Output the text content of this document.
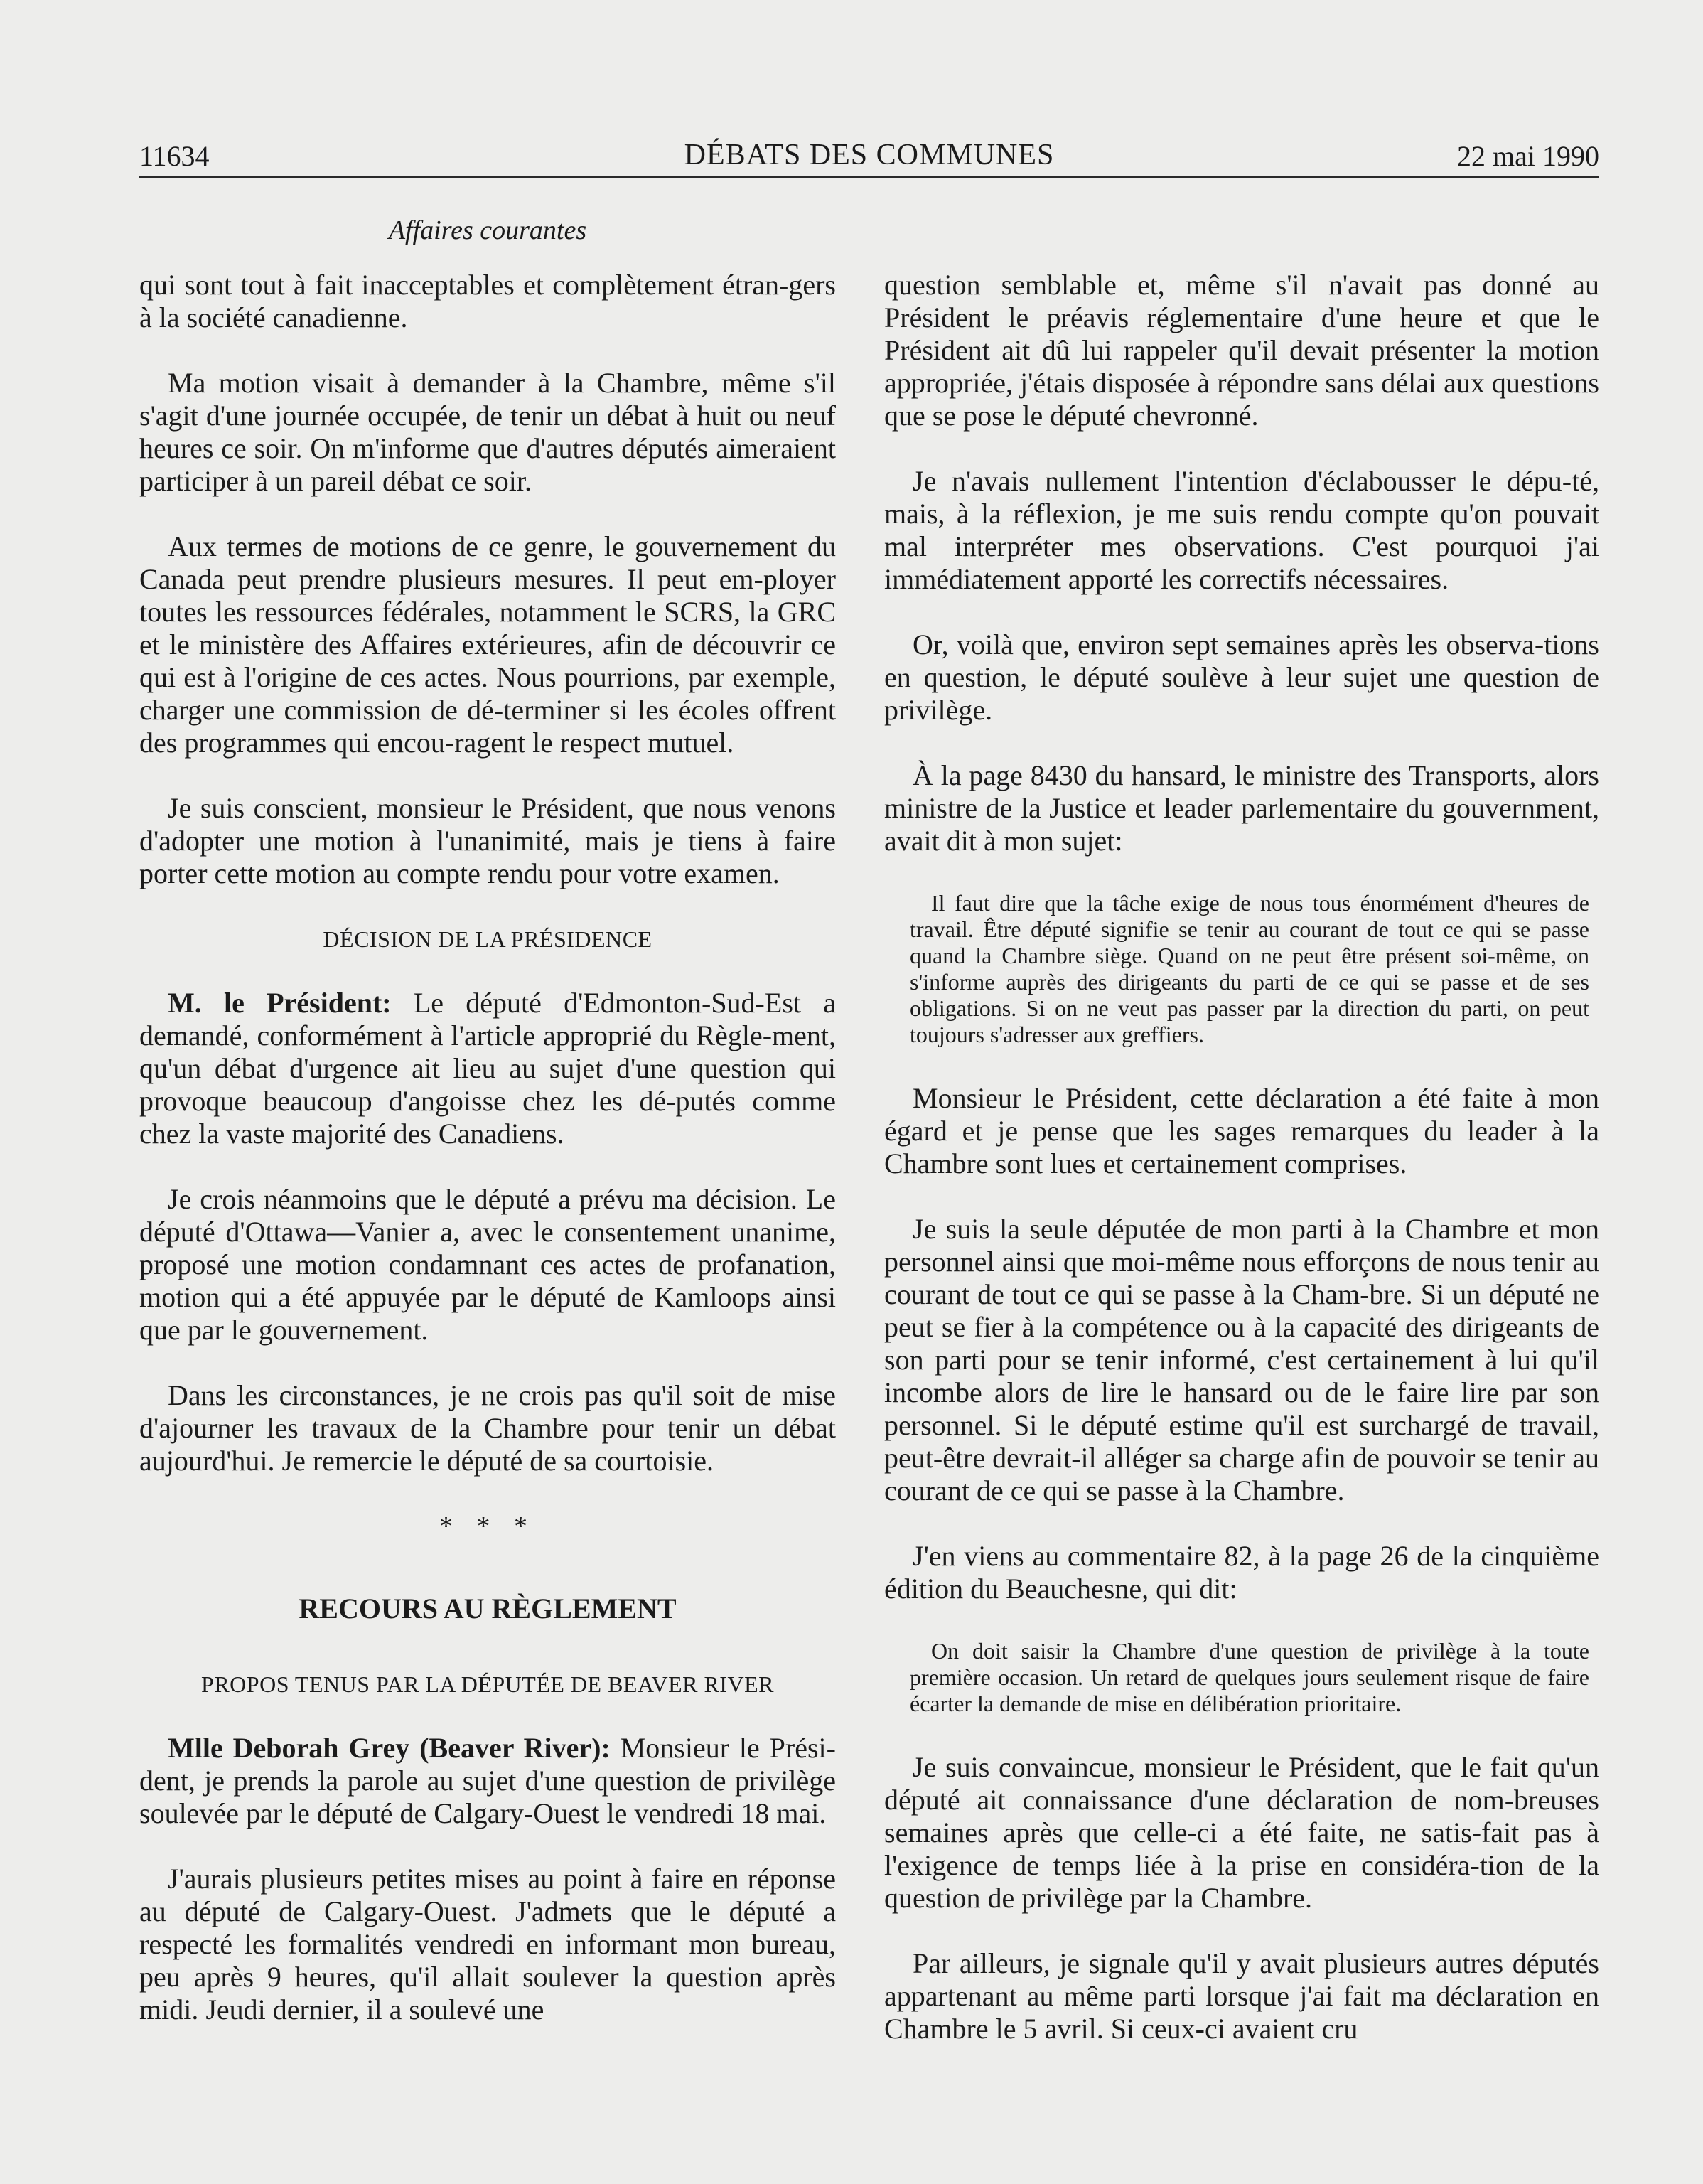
11634	DÉBATS DES COMMUNES	22 mai 1990
Affaires courantes

qui sont tout à fait inacceptables et complètement étran-gers à la société canadienne.

Ma motion visait à demander à la Chambre, même s'il s'agit d'une journée occupée, de tenir un débat à huit ou neuf heures ce soir. On m'informe que d'autres députés aimeraient participer à un pareil débat ce soir.

Aux termes de motions de ce genre, le gouvernement du Canada peut prendre plusieurs mesures. Il peut em-ployer toutes les ressources fédérales, notamment le SCRS, la GRC et le ministère des Affaires extérieures, afin de découvrir ce qui est à l'origine de ces actes. Nous pourrions, par exemple, charger une commission de dé-terminer si les écoles offrent des programmes qui encou-ragent le respect mutuel.

Je suis conscient, monsieur le Président, que nous venons d'adopter une motion à l'unanimité, mais je tiens à faire porter cette motion au compte rendu pour votre examen.

DÉCISION DE LA PRÉSIDENCE

M. le Président: Le député d'Edmonton-Sud-Est a demandé, conformément à l'article approprié du Règle-ment, qu'un débat d'urgence ait lieu au sujet d'une question qui provoque beaucoup d'angoisse chez les dé-putés comme chez la vaste majorité des Canadiens.

Je crois néanmoins que le député a prévu ma décision. Le député d'Ottawa—Vanier a, avec le consentement unanime, proposé une motion condamnant ces actes de profanation, motion qui a été appuyée par le député de Kamloops ainsi que par le gouvernement.

Dans les circonstances, je ne crois pas qu'il soit de mise d'ajourner les travaux de la Chambre pour tenir un débat aujourd'hui. Je remercie le député de sa courtoisie.

* * *
RECOURS AU RÈGLEMENT
PROPOS TENUS PAR LA DÉPUTÉE DE BEAVER RIVER

Mlle Deborah Grey (Beaver River): Monsieur le Prési-dent, je prends la parole au sujet d'une question de privilège soulevée par le député de Calgary-Ouest le vendredi 18 mai.

J'aurais plusieurs petites mises au point à faire en réponse au député de Calgary-Ouest. J'admets que le député a respecté les formalités vendredi en informant mon bureau, peu après 9 heures, qu'il allait soulever la question après midi. Jeudi dernier, il a soulevé une

question semblable et, même s'il n'avait pas donné au Président le préavis réglementaire d'une heure et que le Président ait dû lui rappeler qu'il devait présenter la motion appropriée, j'étais disposée à répondre sans délai aux questions que se pose le député chevronné.

Je n'avais nullement l'intention d'éclabousser le dépu-té, mais, à la réflexion, je me suis rendu compte qu'on pouvait mal interpréter mes observations. C'est pourquoi j'ai immédiatement apporté les correctifs nécessaires.

Or, voilà que, environ sept semaines après les observa-tions en question, le député soulève à leur sujet une question de privilège.

À la page 8430 du hansard, le ministre des Transports, alors ministre de la Justice et leader parlementaire du gouvernment, avait dit à mon sujet:

Il faut dire que la tâche exige de nous tous énormément d'heures de travail. Être député signifie se tenir au courant de tout ce qui se passe quand la Chambre siège. Quand on ne peut être présent soi-même, on s'informe auprès des dirigeants du parti de ce qui se passe et de ses obligations. Si on ne veut pas passer par la direction du parti, on peut toujours s'adresser aux greffiers.

Monsieur le Président, cette déclaration a été faite à mon égard et je pense que les sages remarques du leader à la Chambre sont lues et certainement comprises.

Je suis la seule députée de mon parti à la Chambre et mon personnel ainsi que moi-même nous efforçons de nous tenir au courant de tout ce qui se passe à la Cham-bre. Si un député ne peut se fier à la compétence ou à la capacité des dirigeants de son parti pour se tenir informé, c'est certainement à lui qu'il incombe alors de lire le hansard ou de le faire lire par son personnel. Si le député estime qu'il est surchargé de travail, peut-être devrait-il alléger sa charge afin de pouvoir se tenir au courant de ce qui se passe à la Chambre.

J'en viens au commentaire 82, à la page 26 de la cinquième édition du Beauchesne, qui dit:

On doit saisir la Chambre d'une question de privilège à la toute première occasion. Un retard de quelques jours seulement risque de faire écarter la demande de mise en délibération prioritaire.

Je suis convaincue, monsieur le Président, que le fait qu'un député ait connaissance d'une déclaration de nom-breuses semaines après que celle-ci a été faite, ne satis-fait pas à l'exigence de temps liée à la prise en considéra-tion de la question de privilège par la Chambre.

Par ailleurs, je signale qu'il y avait plusieurs autres députés appartenant au même parti lorsque j'ai fait ma déclaration en Chambre le 5 avril. Si ceux-ci avaient cru
